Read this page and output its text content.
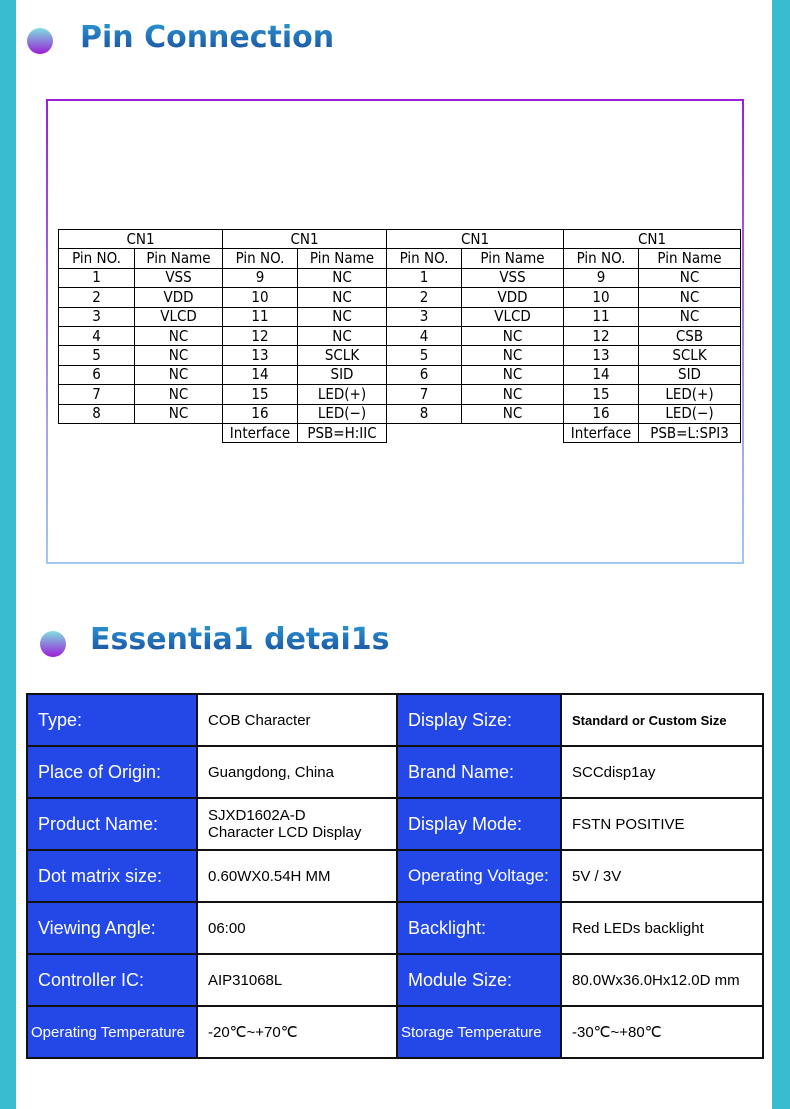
Pin Connection
CN1		CN1		CN1		CN1	
Pin NO.	Pin Name	Pin NO.	Pin Name	Pin NO.	Pin Name	Pin NO.	Pin Name
1	VSS	9	NC	1	VSS	9	NC
2	VDD	10	NC	2	VDD	10	NC
3	VLCD	11	NC	3	VLCD	11	NC
4	NC	12	NC	4	NC	12	CSB
5	NC	13	SCLK	5	NC	13	SCLK
6	NC	14	SID	6	NC	14	SID
7	NC	15	LED(+)	7	NC	15	LED(+)
8	NC	16	LED(−)	8	NC	16	LED(−)
		Interface	PSB=H:IIC			Interface	PSB=L:SPI3
Essentia1 detai1s
Type:	COB Character	Display Size:	Standard or Custom Size
Place of Origin:	Guangdong, China	Brand Name:	SCCdisp1ay
Product Name:	SJXD1602A-D
Character LCD Display	Display Mode:	FSTN POSITIVE
Dot matrix size:	0.60WX0.54H MM	Operating Voltage:	5V / 3V
Viewing Angle:	06:00	Backlight:	Red LEDs backlight
Controller IC:	AIP31068L	Module Size:	80.0Wx36.0Hx12.0D mm
Operating Temperature	-20℃~+70℃	Storage Temperature	-30℃~+80℃
